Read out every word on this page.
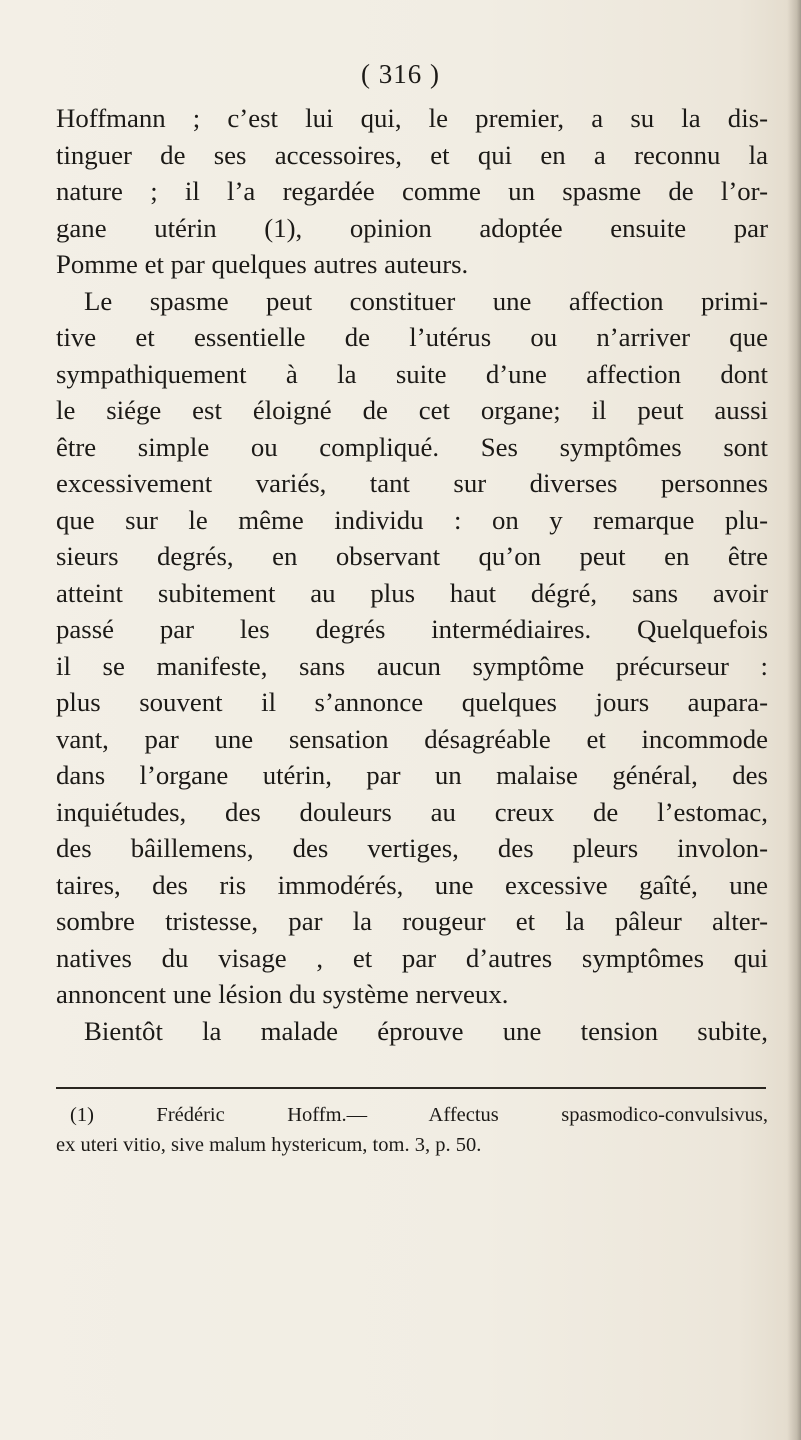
( 316 )
Hoffmann ; c’est lui qui, le premier, a su la dis-
tinguer de ses accessoires, et qui en a reconnu la
nature ; il l’a regardée comme un spasme de l’or-
gane utérin (1), opinion adoptée ensuite par
Pomme et par quelques autres auteurs.
Le spasme peut constituer une affection primi-
tive et essentielle de l’utérus ou n’arriver que
sympathiquement à la suite d’une affection dont
le siége est éloigné de cet organe; il peut aussi
être simple ou compliqué. Ses symptômes sont
excessivement variés, tant sur diverses personnes
que sur le même individu : on y remarque plu-
sieurs degrés, en observant qu’on peut en être
atteint subitement au plus haut dégré, sans avoir
passé par les degrés intermédiaires. Quelquefois
il se manifeste, sans aucun symptôme précurseur :
plus souvent il s’annonce quelques jours aupara-
vant, par une sensation désagréable et incommode
dans l’organe utérin, par un malaise général, des
inquiétudes, des douleurs au creux de l’estomac,
des bâillemens, des vertiges, des pleurs involon-
taires, des ris immodérés, une excessive gaîté, une
sombre tristesse, par la rougeur et la pâleur alter-
natives du visage , et par d’autres symptômes qui
annoncent une lésion du système nerveux.
Bientôt la malade éprouve une tension subite,
(1) Frédéric Hoffm.— Affectus spasmodico-convulsivus,
ex uteri vitio, sive malum hystericum, tom. 3, p. 50.
